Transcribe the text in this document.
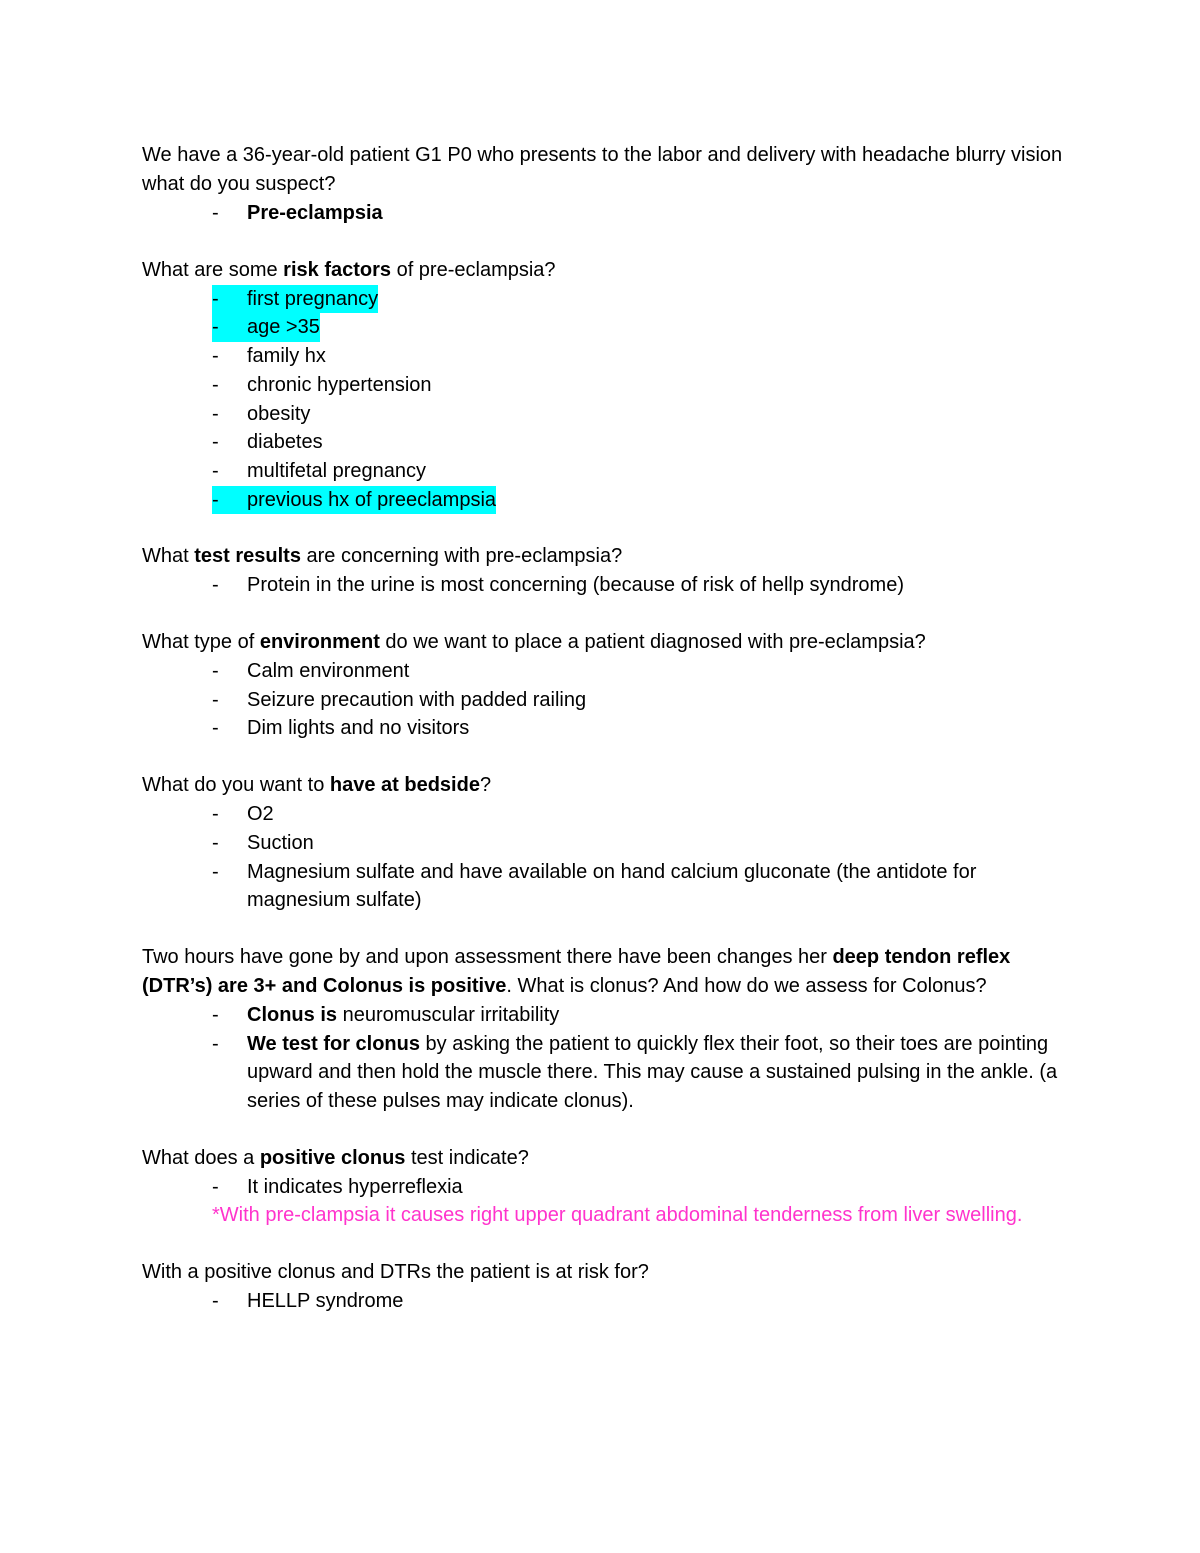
We have a 36-year-old patient G1 P0 who presents to the labor and delivery with headache blurry vision what do you suspect?

-	Pre-eclampsia

What are some risk factors of pre-eclampsia?

-	first pregnancy
-	age >35
-	family hx
-	chronic hypertension
-	obesity
-	diabetes
-	multifetal pregnancy
-	previous hx of preeclampsia

What test results are concerning with pre-eclampsia?

-	Protein in the urine is most concerning (because of risk of hellp syndrome)

What type of environment do we want to place a patient diagnosed with pre-eclampsia?

-	Calm environment
-	Seizure precaution with padded railing
-	Dim lights and no visitors

What do you want to have at bedside?

-	O2
-	Suction
-	Magnesium sulfate and have available on hand calcium gluconate (the antidote for magnesium sulfate)

Two hours have gone by and upon assessment there have been changes her deep tendon reflex (DTR’s) are 3+ and Colonus is positive. What is clonus? And how do we assess for Colonus?

-	Clonus is neuromuscular irritability
-	We test for clonus by asking the patient to quickly flex their foot, so their toes are pointing upward and then hold the muscle there. This may cause a sustained pulsing in the ankle. (a series of these pulses may indicate clonus).

What does a positive clonus test indicate?

-	It indicates hyperreflexia

*With pre-clampsia it causes right upper quadrant abdominal tenderness from liver swelling.

With a positive clonus and DTRs the patient is at risk for?

-	HELLP syndrome
